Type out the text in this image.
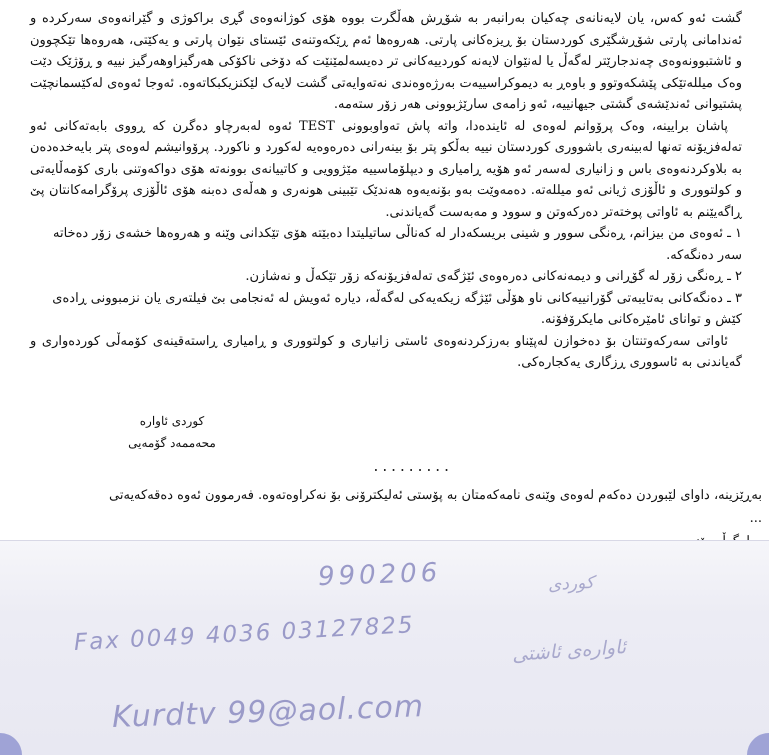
گشت ئەو کەس، یان لایەنانەی چەکیان بەرانبەر بە شۆڕش هەڵگرت بووە هۆی کوژانەوەی گڕی براکوژی و گێرانەوەی سەرکردە و ئەندامانی پارتی شۆڕشگێری کوردستان بۆ ڕیزەکانی پارتی. هەروەها ئەم ڕێکەوتنەی ئێستای نێوان پارتی و یەکێتی، هەروەها تێکچوون و ئاشتبوونەوەی چەندجارێتر لەگەڵ یا لەنێوان لایەنە کوردییەکانی تر دەیسەلمێنێت کە دۆخی ناکۆکی هەرگیزاوهەرگیز نییە و ڕۆژێک دێت وەک میللەتێکی پێشکەوتوو و باوەڕ بە دیموکراسییەت بەرژەوەندی نەتەوایەتی گشت لایەک لێکنزیکبکاتەوە. ئەوجا ئەوەی لەکێسمانچێت پشتیوانی ئەندێشەی گشتی جیهانییە، ئەو زامەی سارێژبوونی هەر زۆر ستەمە.

پاشان برایینە، وەک پرۆوانم لەوەی لە ئایندەدا، واتە پاش تەواوبوونی TEST ئەوە لەبەرچاو دەگرن کە ڕووی بابەتەکانی ئەو تەلەفزیۆنە تەنها لەبینەری باشووری کوردستان نییە بەڵکو پتر بۆ بینەرانی دەرەوەیە لەکورد و ناکورد. پرۆوانیشم لەوەی پتر بایەخدەدەن بە بلاوکردنەوەی باس و زانیاری لەسەر ئەو هۆیە ڕامیاری و دیپلۆماسییە مێژوویی و کاتییانەی بوونەتە هۆی دواکەوتنی باری کۆمەڵایەتی و کولتووری و ئاڵۆزی ژیانی ئەو میللەتە. دەمەوێت بەو بۆنەیەوە هەندێک تێبینی هونەری و هەڵەی دەبنە هۆی ئاڵۆزی پرۆگرامەکانتان پێ ڕاگەیێنم بە ئاواتی پوختەتر دەرکەوتن و سوود و مەبەست گەیاندنی.

١ ـ ئەوەی من بیزانم، ڕەنگی سوور و شینی بریسکەدار لە کەناڵی ساتیلیتدا دەبێتە هۆی تێکدانی وێنە و هەروەها خشەی زۆر دەخاتە سەر دەنگەکە.

٢ ـ ڕەنگی زۆر لە گۆڕانی و دیمەنەکانی دەرەوەی ئێژگەی تەلەفزیۆنەکە زۆر تێکەڵ و نەشازن.

٣ ـ دەنگەکانی بەتایبەتی گۆرانییەکانی ناو هۆڵی ئێژگە زیکەیەکی لەگەڵە، دیارە ئەویش لە ئەنجامی بێ فیلتەری یان نزمبوونی ڕادەی کێش و توانای ئامێرەکانی مایکرۆفۆنە.

ئاواتی سەرکەوتنتان بۆ دەخوازن لەپێناو بەرزکردنەوەی ئاستی زانیاری و کولتووری و ڕامیاری ڕاستەقینەی کۆمەڵی کوردەواری و گەیاندنی بە ئاسووری ڕزگاری یەکجارەکی.

کوردی ئاوارە
محەممەد گۆمەیی
.........

بەڕێزینە، داوای لێبوردن دەکەم لەوەی وێنەی نامەکەمتان بە پۆستی ئەلیکترۆنی بۆ نەکراوەتەوە. فەرموون ئەوە دەقەکەیەتی ...

990206	کوردی
Fax 0049 4036 03127825	ئاوارەی ئاشتی
Kurdtv 99@aol.com
